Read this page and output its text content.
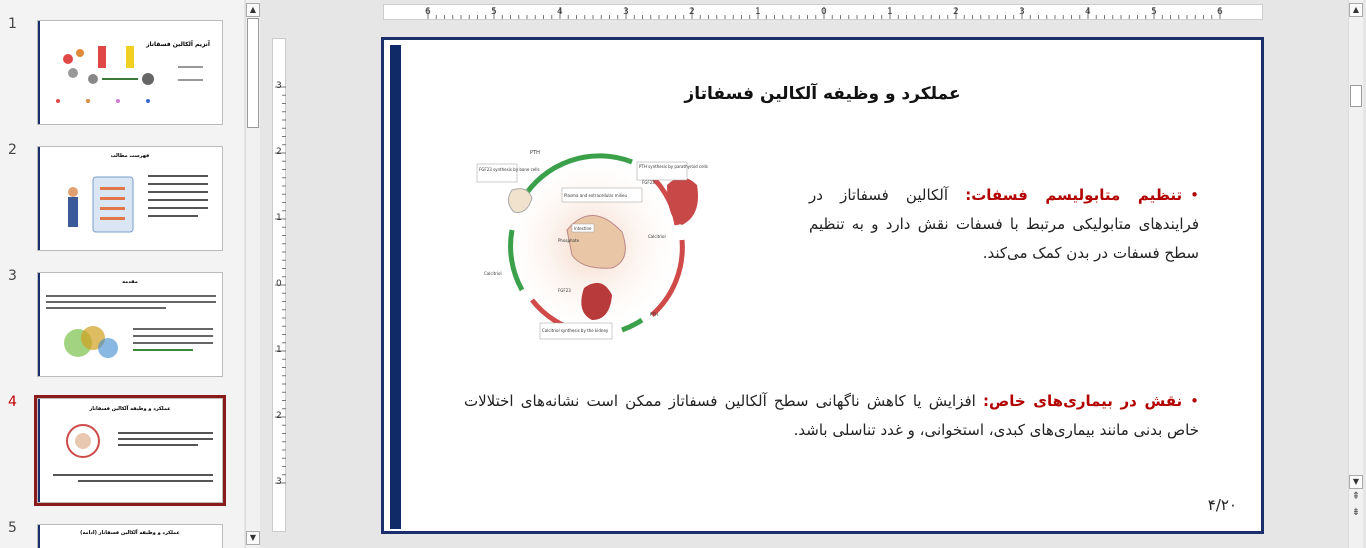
1
آنزیم آلکالین فسفاتاز
2	فهرست مطالب
3	مقدمه
4	عملکرد و وظیفه آلکالین فسفاتاز
5	عملکرد و وظیفه آلکالین فسفاتاز (ادامه)
▲
▼
6	5	4	3	2	1	0	1	2	3	4	5	6
3
2
1
0
1
2
3
عملکرد و وظیفه آلکالین فسفاتاز
•تنظیم متابولیسم فسفات: آلکالین فسفاتاز در فرایندهای متابولیکی مرتبط با فسفات نقش دارد و به تنظیم سطح فسفات در بدن کمک می‌کند.
•نقش در بیماری‌های خاص: افزایش یا کاهش ناگهانی سطح آلکالین فسفاتاز ممکن است نشانه‌های اختلالات خاص بدنی مانند بیماری‌های کبدی، استخوانی، و غدد تناسلی باشد.
PTH
PTH synthesis by parathyroid cells
FGF23 synthesis by bone cells
Plasma and extracellular milieu
Intestine
Phosphate
Calcitriol
Calcitriol
FGF23
FGF23
PTH
Calcitriol synthesis by the kidney
۴/۲۰
▲
▼
⇞
⇟
